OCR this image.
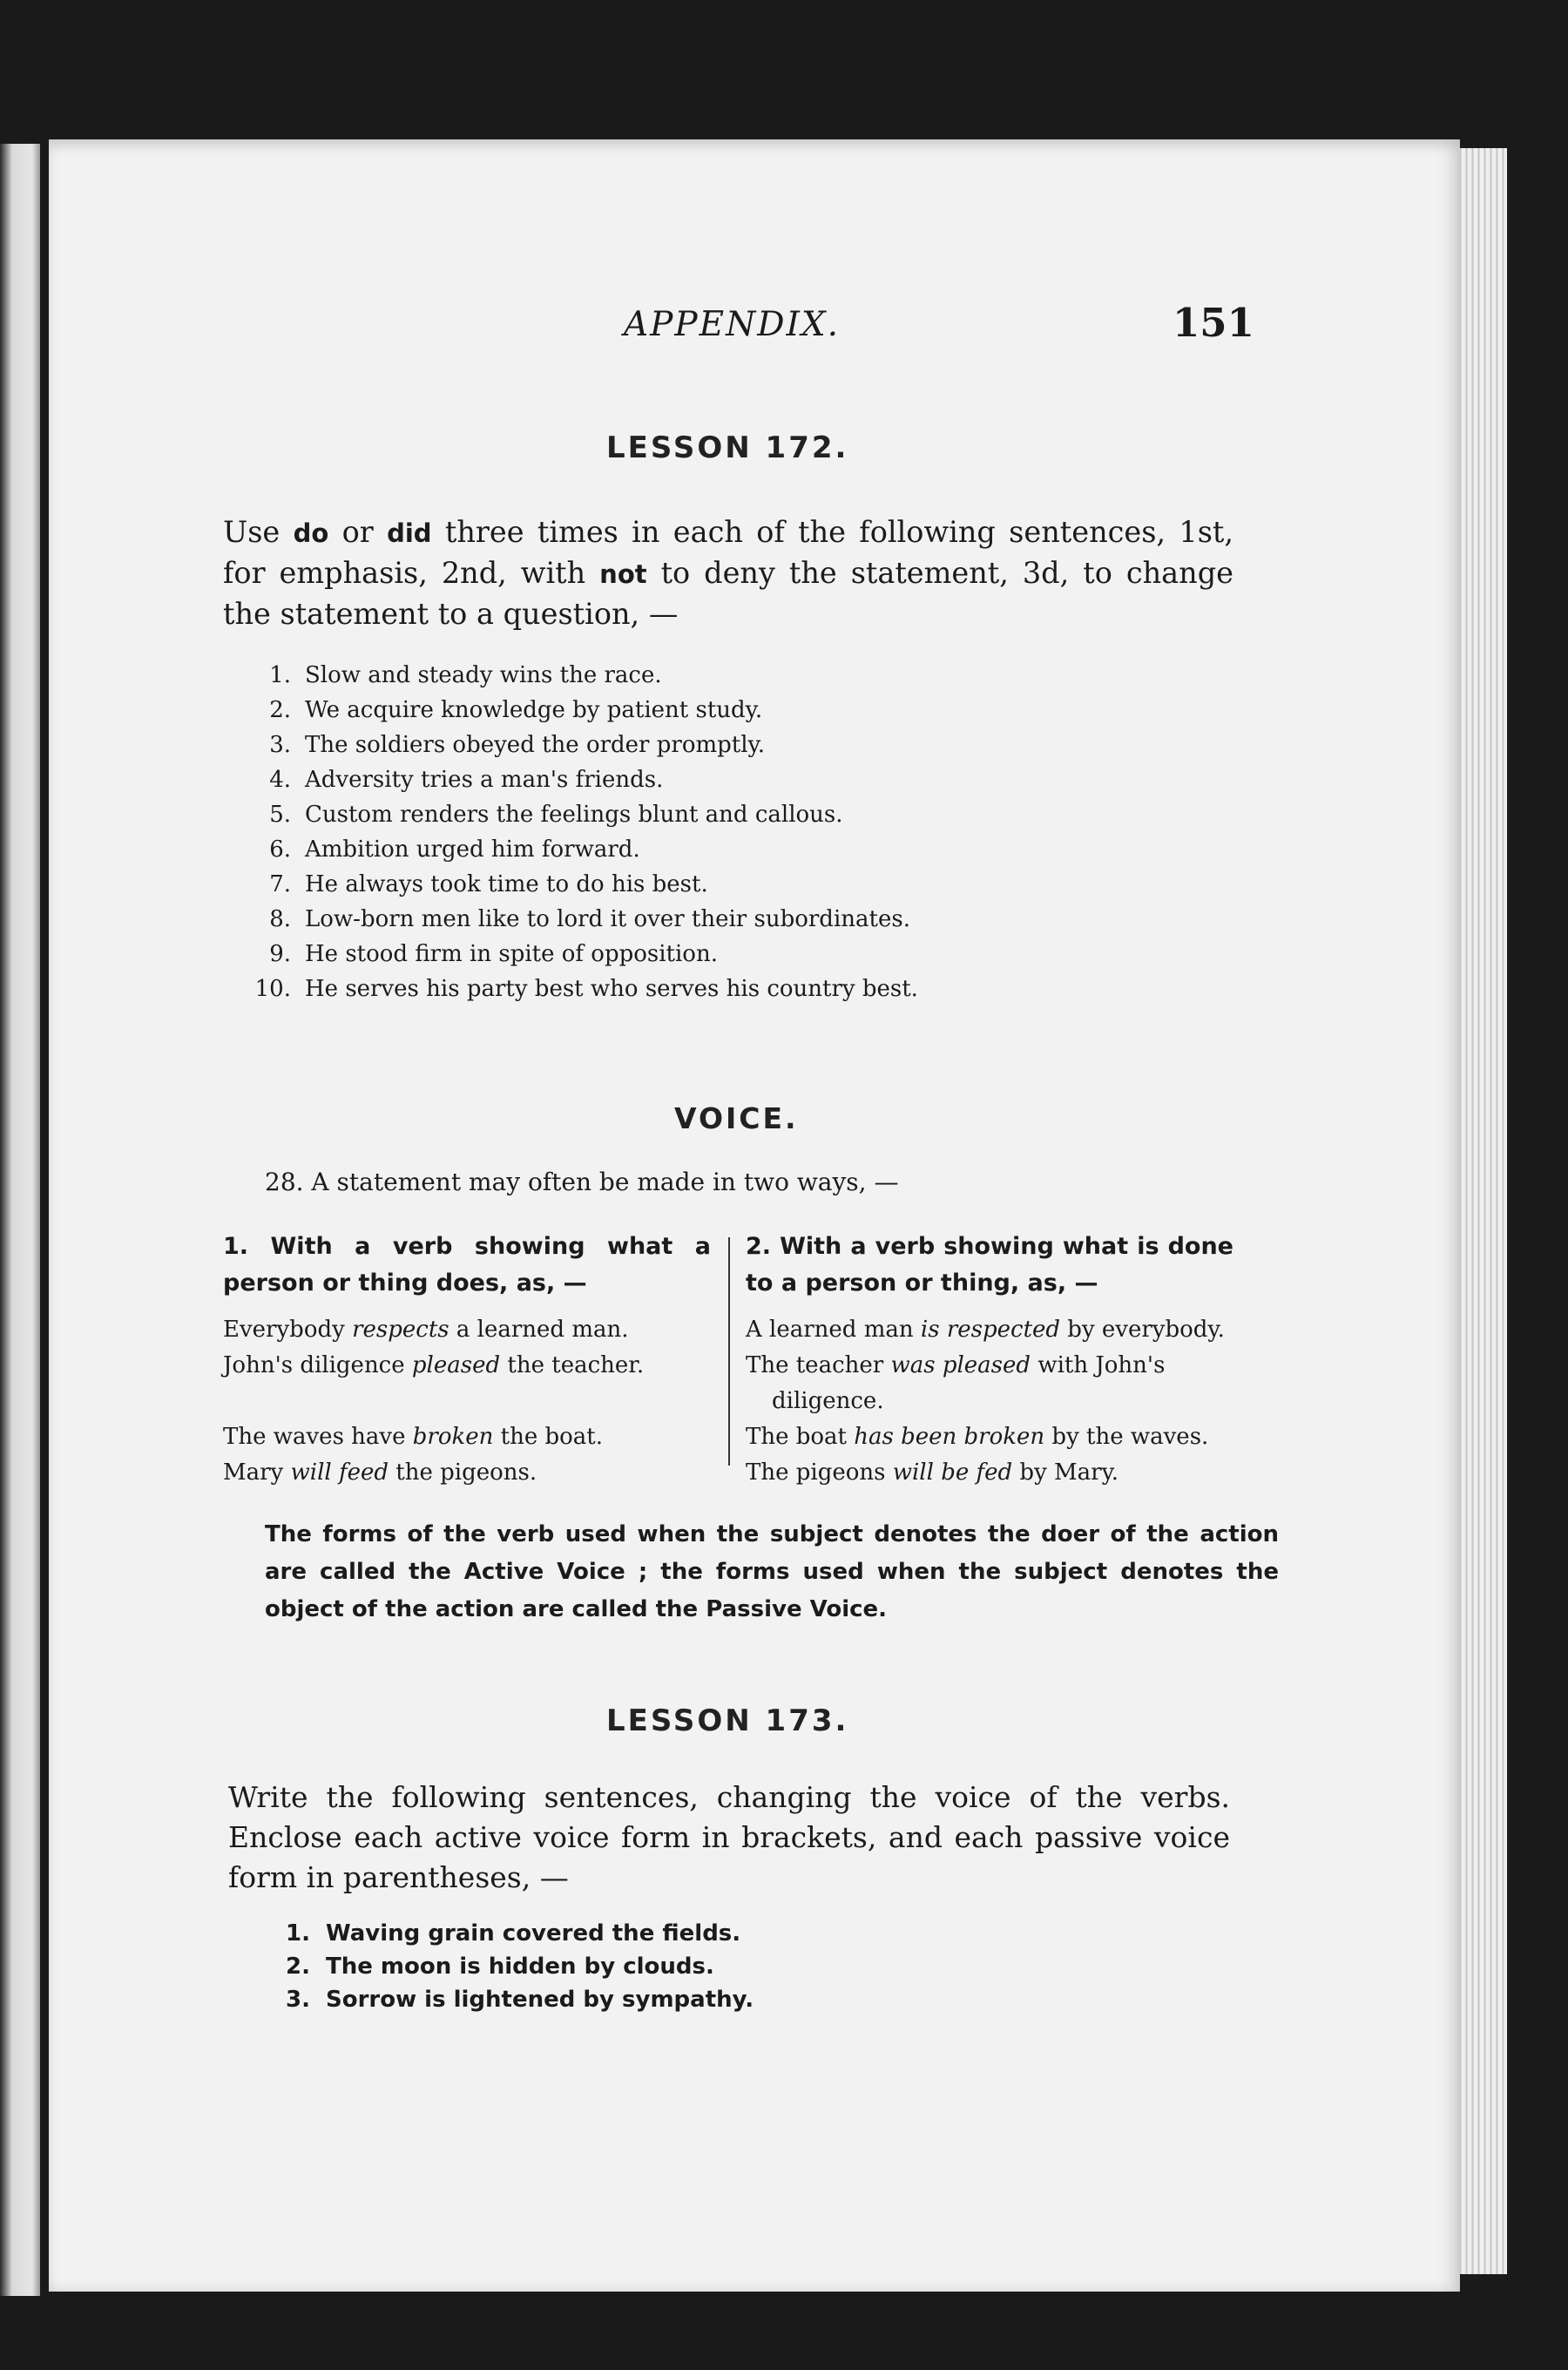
APPENDIX.	151

LESSON 172.

Use do or did three times in each of the following sentences, 1st, for emphasis, 2nd, with not to deny the statement, 3d, to change the statement to a question, —

1. Slow and steady wins the race.
2. We acquire knowledge by patient study.
3. The soldiers obeyed the order promptly.
4. Adversity tries a man's friends.
5. Custom renders the feelings blunt and callous.
6. Ambition urged him forward.
7. He always took time to do his best.
8. Low-born men like to lord it over their subordinates.
9. He stood firm in spite of opposition.
10. He serves his party best who serves his country best.

VOICE.

28. A statement may often be made in two ways, —

1. With a verb showing what a person or thing does, as, —

2. With a verb showing what is done to a person or thing, as, —

Everybody respects a learned man.
John's diligence pleased the teacher.
The waves have broken the boat.
Mary will feed the pigeons.
A learned man is respected by everybody.
The teacher was pleased with John's
diligence.
The boat has been broken by the waves.
The pigeons will be fed by Mary.

The forms of the verb used when the subject denotes the doer of the action are called the Active Voice ; the forms used when the subject denotes the object of the action are called the Passive Voice.

LESSON 173.

Write the following sentences, changing the voice of the verbs. Enclose each active voice form in brackets, and each passive voice form in parentheses, —

1. Waving grain covered the fields.
2. The moon is hidden by clouds.
3. Sorrow is lightened by sympathy.
